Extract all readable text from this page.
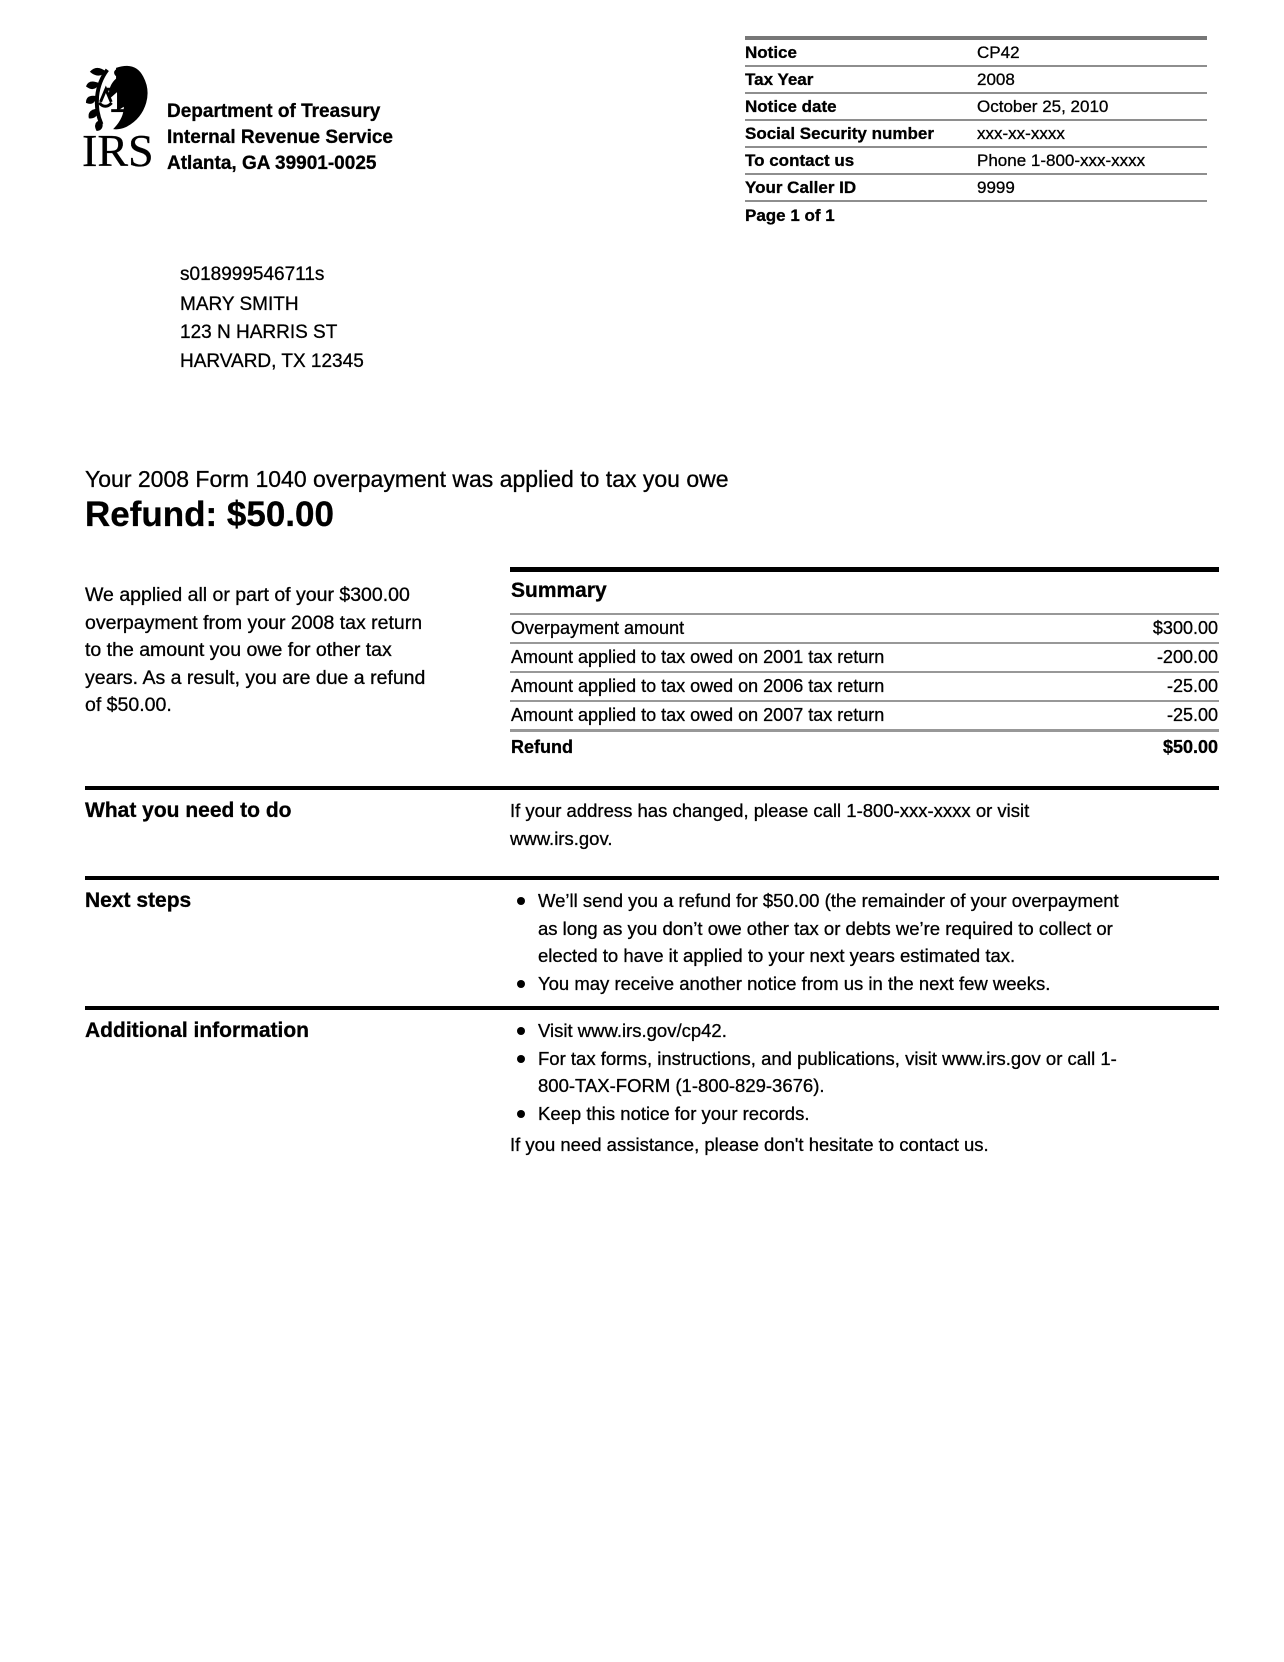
IRS
Department of Treasury
Internal Revenue Service
Atlanta, GA 39901-0025
Notice	CP42
Tax Year	2008
Notice date	October 25, 2010
Social Security number	xxx-xx-xxxx
To contact us	Phone 1-800-xxx-xxxx
Your Caller ID	9999
Page 1 of 1
s018999546711s
MARY SMITH
123 N HARRIS ST
HARVARD, TX 12345
Your 2008 Form 1040 overpayment was applied to tax you owe
Refund: $50.00
We applied all or part of your $300.00 overpayment from your 2008 tax return to the amount you owe for other tax years. As a result, you are due a refund of $50.00.
Summary
Overpayment amount	$300.00
Amount applied to tax owed on 2001 tax return	-200.00
Amount applied to tax owed on 2006 tax return	-25.00
Amount applied to tax owed on 2007 tax return	-25.00
Refund	$50.00
What you need to do	If your address has changed, please call 1-800-xxx-xxxx or visit www.irs.gov.
Next steps	We’ll send you a refund for $50.00 (the remainder of your overpayment as long as you don’t owe other tax or debts we’re required to collect or elected to have it applied to your next years estimated tax.
You may receive another notice from us in the next few weeks.
Additional information	Visit www.irs.gov/cp42.
For tax forms, instructions, and publications, visit www.irs.gov or call 1-800-TAX-FORM (1-800-829-3676).
Keep this notice for your records.
If you need assistance, please don't hesitate to contact us.
